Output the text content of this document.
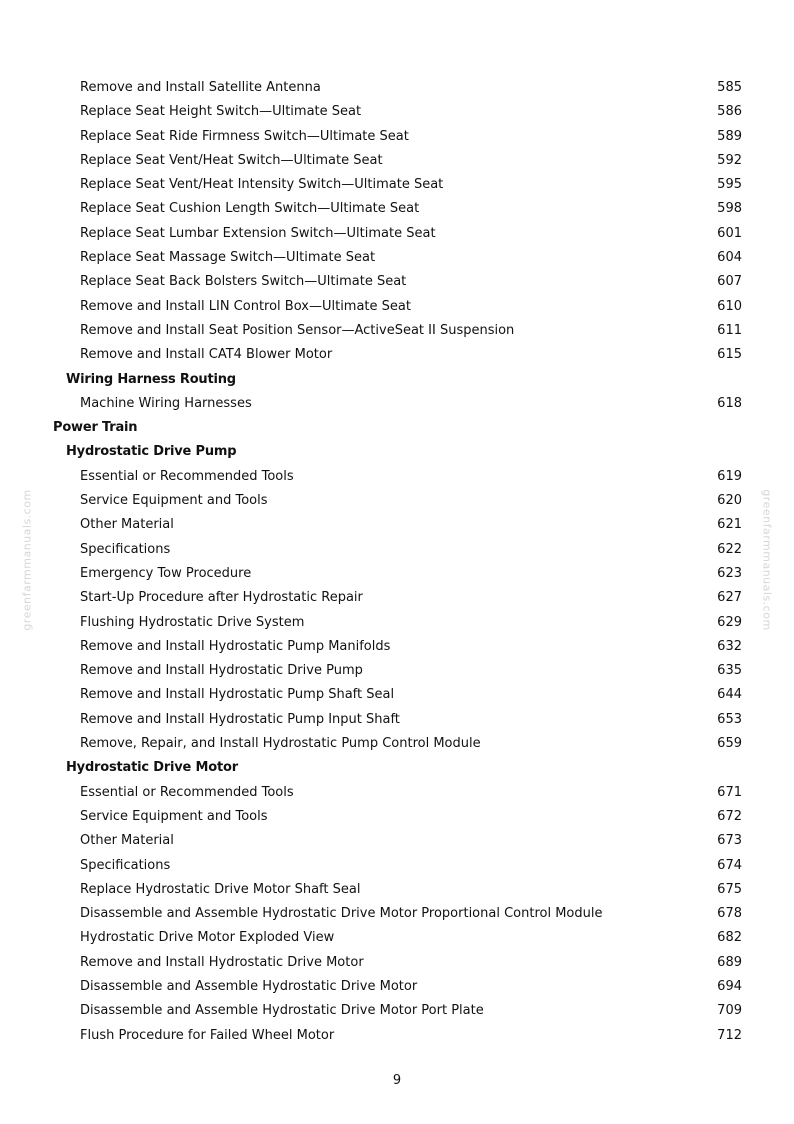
greenfarmmanuals.com	greenfarmmanuals.com
Remove and Install Satellite Antenna	585
Replace Seat Height Switch—Ultimate Seat	586
Replace Seat Ride Firmness Switch—Ultimate Seat	589
Replace Seat Vent/Heat Switch—Ultimate Seat	592
Replace Seat Vent/Heat Intensity Switch—Ultimate Seat	595
Replace Seat Cushion Length Switch—Ultimate Seat	598
Replace Seat Lumbar Extension Switch—Ultimate Seat	601
Replace Seat Massage Switch—Ultimate Seat	604
Replace Seat Back Bolsters Switch—Ultimate Seat	607
Remove and Install LIN Control Box—Ultimate Seat	610
Remove and Install Seat Position Sensor—ActiveSeat II Suspension	611
Remove and Install CAT4 Blower Motor	615
Wiring Harness Routing
Machine Wiring Harnesses	618
Power Train
Hydrostatic Drive Pump
Essential or Recommended Tools	619
Service Equipment and Tools	620
Other Material	621
Specifications	622
Emergency Tow Procedure	623
Start-Up Procedure after Hydrostatic Repair	627
Flushing Hydrostatic Drive System	629
Remove and Install Hydrostatic Pump Manifolds	632
Remove and Install Hydrostatic Drive Pump	635
Remove and Install Hydrostatic Pump Shaft Seal	644
Remove and Install Hydrostatic Pump Input Shaft	653
Remove, Repair, and Install Hydrostatic Pump Control Module	659
Hydrostatic Drive Motor
Essential or Recommended Tools	671
Service Equipment and Tools	672
Other Material	673
Specifications	674
Replace Hydrostatic Drive Motor Shaft Seal	675
Disassemble and Assemble Hydrostatic Drive Motor Proportional Control Module	678
Hydrostatic Drive Motor Exploded View	682
Remove and Install Hydrostatic Drive Motor	689
Disassemble and Assemble Hydrostatic Drive Motor	694
Disassemble and Assemble Hydrostatic Drive Motor Port Plate	709
Flush Procedure for Failed Wheel Motor	712
9
